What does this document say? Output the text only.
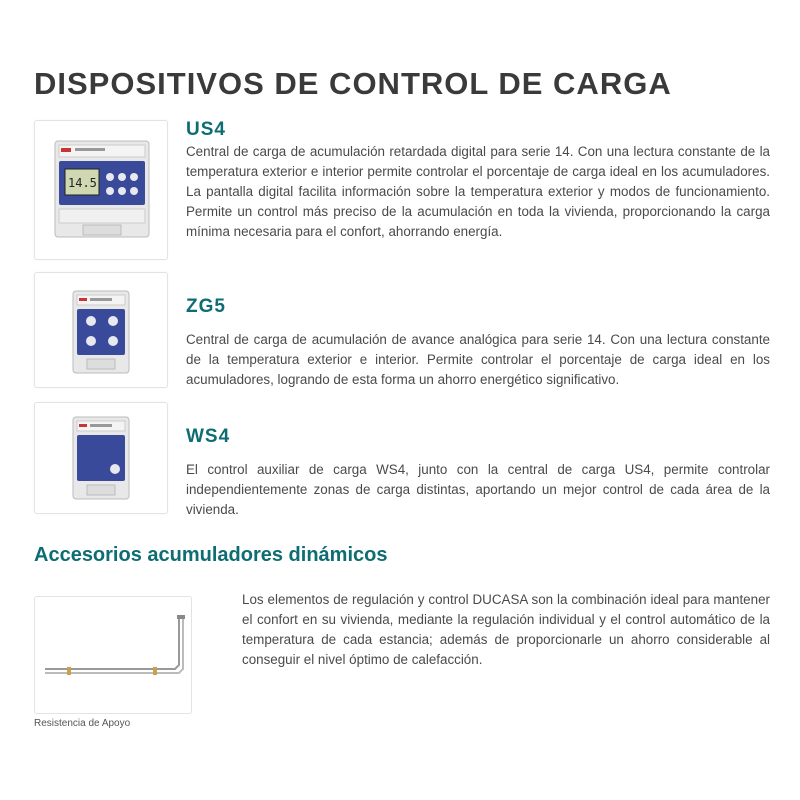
DISPOSITIVOS DE CONTROL DE CARGA
14.5
US4

Central de carga de acumulación retardada digital para serie 14. Con una lectura constante de la temperatura exterior e interior permite controlar el porcentaje de carga ideal en los acumuladores. La pantalla digital facilita información sobre la temperatura exterior y modos de funcionamiento. Permite un control más preciso de la acumulación en toda la vivienda, proporcionando la carga mínima necesaria para el confort, ahorrando energía.

ZG5

Central de carga de acumulación de avance analógica para serie 14. Con una lectura constante de la temperatura exterior e interior. Permite controlar el porcentaje de carga ideal en los acumuladores, logrando de esta forma un ahorro energético significativo.

WS4

El control auxiliar de carga WS4, junto con la central de carga US4, permite controlar independientemente zonas de carga distintas, aportando un mejor control de cada área de la vivienda.

Accesorios acumuladores dinámicos
Resistencia de Apoyo

Los elementos de regulación y control DUCASA son la combinación ideal para mantener el confort en su vivienda, mediante la regulación individual y el control automático de la temperatura de cada estancia; además de proporcionarle un ahorro considerable al conseguir el nivel óptimo de calefacción.
